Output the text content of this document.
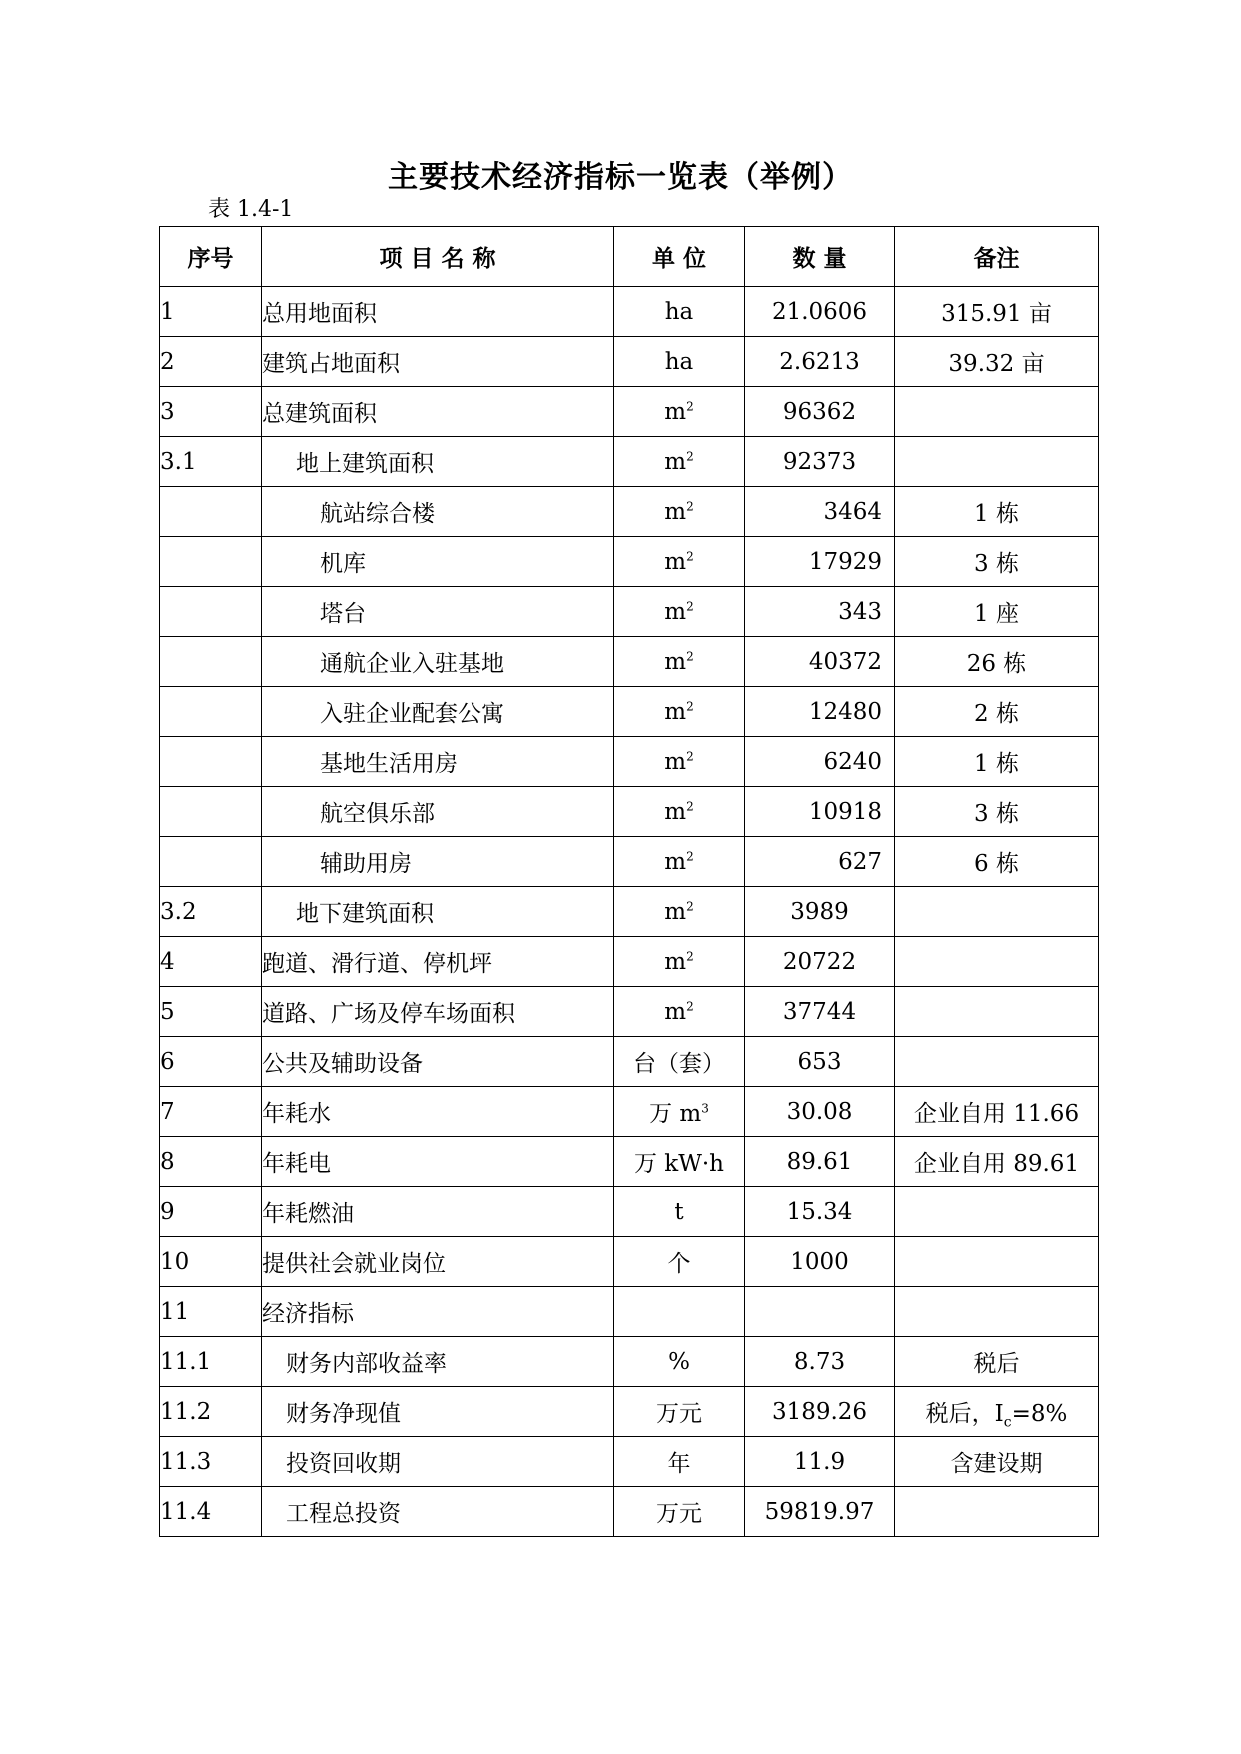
主要技术经济指标一览表（举例）
表 1.4-1
序号	项 目 名 称	单 位	数 量	备注
1	总用地面积	ha	21.0606	315.91 亩
2	建筑占地面积	ha	2.6213	39.32 亩
3	总建筑面积	$m^2$	96362	
3.1	地上建筑面积	$m^2$	92373	
	航站综合楼	$m^2$	3464	1 栋
	机库	$m^2$	17929	3 栋
	塔台	$m^2$	343	1 座
	通航企业入驻基地	$m^2$	40372	26 栋
	入驻企业配套公寓	$m^2$	12480	2 栋
	基地生活用房	$m^2$	6240	1 栋
	航空俱乐部	$m^2$	10918	3 栋
	辅助用房	$m^2$	627	6 栋
3.2	地下建筑面积	$m^2$	3989	
4	跑道、滑行道、停机坪	$m^2$	20722	
5	道路、广场及停车场面积	$m^2$	37744	
6	公共及辅助设备	台（套）	653	
7	年耗水	万 $m^3$	30.08	企业自用 11.66
8	年耗电	万 kW·h	89.61	企业自用 89.61
9	年耗燃油	t	15.34	
10	提供社会就业岗位	个	1000	
11	经济指标			
11.1	财务内部收益率	%	8.73	税后
11.2	财务净现值	万元	3189.26	税后，$I_c=8\%$
11.3	投资回收期	年	11.9	含建设期
11.4	工程总投资	万元	59819.97	
